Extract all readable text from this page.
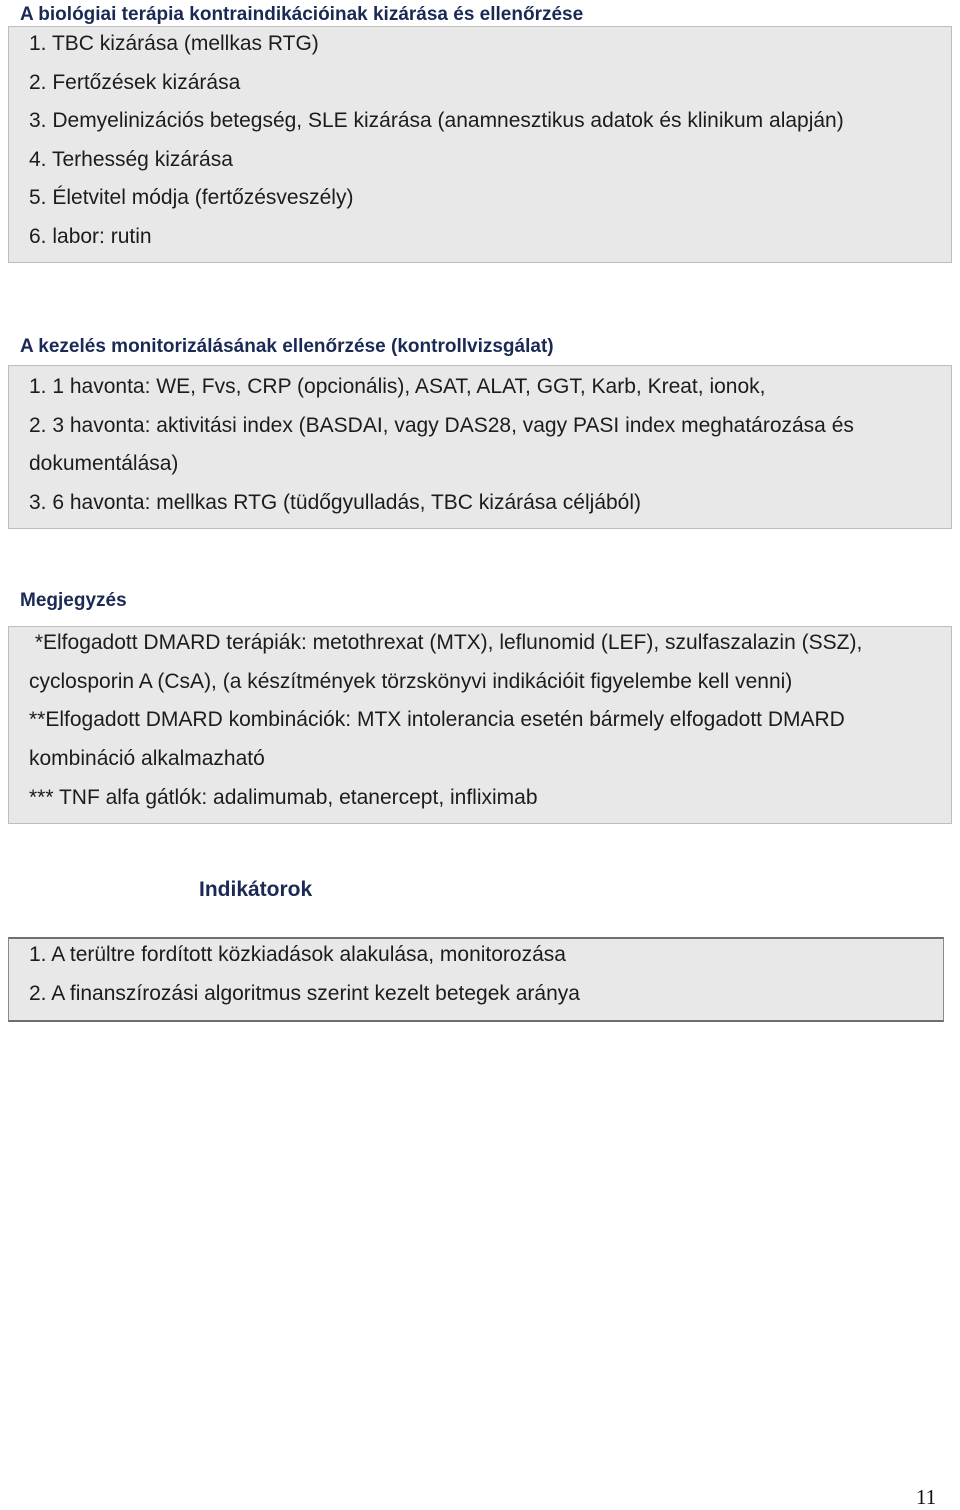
A biológiai terápia kontraindikációinak kizárása és ellenőrzése
1. TBC kizárása (mellkas RTG)
2. Fertőzések kizárása
3. Demyelinizációs betegség, SLE kizárása (anamnesztikus adatok és klinikum alapján)
4. Terhesség kizárása
5. Életvitel módja (fertőzésveszély)
6. labor: rutin
A kezelés monitorizálásának ellenőrzése (kontrollvizsgálat)
1. 1 havonta: WE, Fvs, CRP (opcionális), ASAT, ALAT, GGT, Karb, Kreat, ionok,
2. 3 havonta: aktivitási index (BASDAI, vagy DAS28, vagy PASI index meghatározása és
dokumentálása)
3. 6 havonta: mellkas RTG (tüdőgyulladás, TBC kizárása céljából)
Megjegyzés
*Elfogadott DMARD terápiák: metothrexat (MTX), leflunomid (LEF), szulfaszalazin (SSZ),
cyclosporin A (CsA), (a készítmények törzskönyvi indikációit figyelembe kell venni)
**Elfogadott DMARD kombinációk: MTX intolerancia esetén bármely elfogadott DMARD
kombináció alkalmazható
*** TNF alfa gátlók: adalimumab, etanercept, infliximab
Indikátorok
1. A terültre fordított közkiadások alakulása, monitorozása
2. A finanszírozási algoritmus szerint kezelt betegek aránya
11
